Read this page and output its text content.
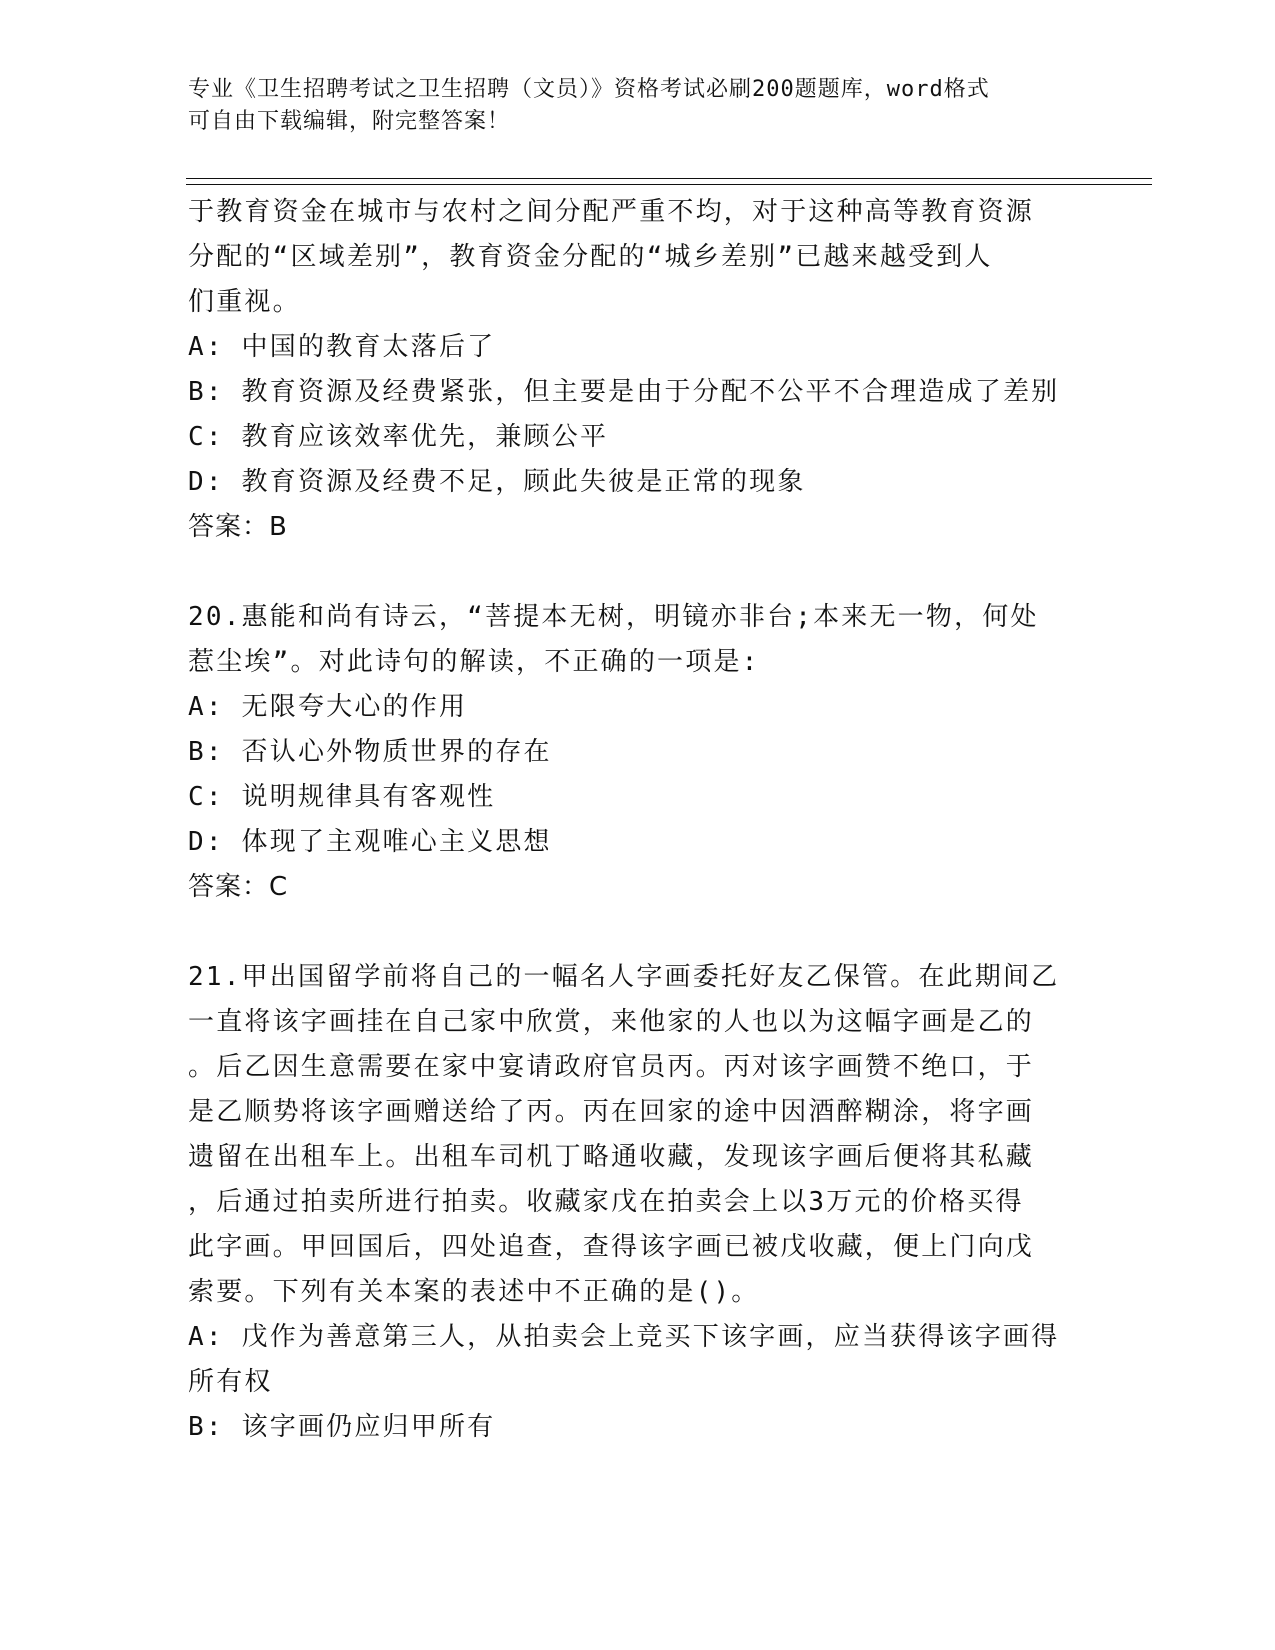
专业《卫生招聘考试之卫生招聘（文员）》资格考试必刷200题题库，word格式
可自由下载编辑，附完整答案！

于教育资金在城市与农村之间分配严重不均，对于这种高等教育资源

分配的“区域差别”，教育资金分配的“城乡差别”已越来越受到人

们重视。

A: 中国的教育太落后了

B: 教育资源及经费紧张，但主要是由于分配不公平不合理造成了差别

C: 教育应该效率优先，兼顾公平

D: 教育资源及经费不足，顾此失彼是正常的现象

答案：B

20.惠能和尚有诗云，“菩提本无树，明镜亦非台;本来无一物，何处

惹尘埃”。对此诗句的解读，不正确的一项是:

A: 无限夸大心的作用

B: 否认心外物质世界的存在

C: 说明规律具有客观性

D: 体现了主观唯心主义思想

答案：C

21.甲出国留学前将自己的一幅名人字画委托好友乙保管。在此期间乙

一直将该字画挂在自己家中欣赏，来他家的人也以为这幅字画是乙的

。后乙因生意需要在家中宴请政府官员丙。丙对该字画赞不绝口，于

是乙顺势将该字画赠送给了丙。丙在回家的途中因酒醉糊涂，将字画

遗留在出租车上。出租车司机丁略通收藏，发现该字画后便将其私藏

，后通过拍卖所进行拍卖。收藏家戊在拍卖会上以3万元的价格买得

此字画。甲回国后，四处追查，查得该字画已被戊收藏，便上门向戊

索要。下列有关本案的表述中不正确的是()。

A: 戊作为善意第三人，从拍卖会上竞买下该字画，应当获得该字画得

所有权

B: 该字画仍应归甲所有
